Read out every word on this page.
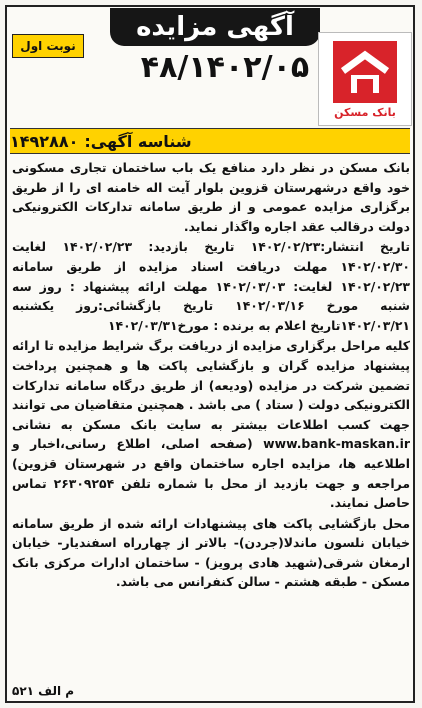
آگهی مزایده
۴۸/۱۴۰۲/۰۵
نوبت اول
بانک مسکن
شناسه آگهی:
۱۴۹۲۸۸۰

بانک مسکن در نظر دارد منافع یک باب ساختمان تجاری مسکونی خود واقع درشهرستان قزوین بلوار آیت اله خامنه ای را از طریق برگزاری مزایده عمومی و از طریق سامانه تدارکات الکترونیکی دولت درقالب عقد اجاره واگذار نماید.

تاریخ انتشار:۱۴۰۲/۰۲/۲۳ تاریخ بازدید: ۱۴۰۲/۰۲/۲۳ لغایت ۱۴۰۲/۰۲/۳۰ مهلت دریافت اسناد مزایده از طریق سامانه ۱۴۰۲/۰۲/۲۳ لغایت: ۱۴۰۲/۰۳/۰۳ مهلت ارائه پیشنهاد : روز سه شنبه مورخ ۱۴۰۲/۰۳/۱۶ تاریخ بازگشائی:روز یکشنبه ۱۴۰۲/۰۳/۲۱تاریخ اعلام به برنده : مورخ۱۴۰۲/۰۳/۳۱

کلیه مراحل برگزاری مزایده از دریافت برگ شرایط مزایده تا ارائه پیشنهاد مزایده گران و بازگشایی پاکت ها و همچنین پرداخت تضمین شرکت در مزایده (ودیعه) از طریق درگاه سامانه تدارکات الکترونیکی دولت ( ستاد ) می باشد . همچنین متقاضیان می توانند جهت کسب اطلاعات بیشتر به سایت بانک مسکن به نشانی www.bank-maskan.ir (صفحه اصلی، اطلاع رسانی،اخبار و اطلاعیه ها، مزایده اجاره ساختمان واقع در شهرستان قزوین) مراجعه و جهت بازدید از محل با شماره تلفن ۲۶۳۰۹۲۵۴ تماس حاصل نمایند.

محل بازگشایی پاکت های پیشنهادات ارائه شده از طریق سامانه خیابان نلسون ماندلا(جردن)- بالاتر از چهارراه اسفندیار- خیابان ارمغان شرقی(شهید هادی پرویز) - ساختمان ادارات مرکزی بانک مسکن - طبقه هشتم - سالن کنفرانس می باشد.

م الف ۵۲۱
